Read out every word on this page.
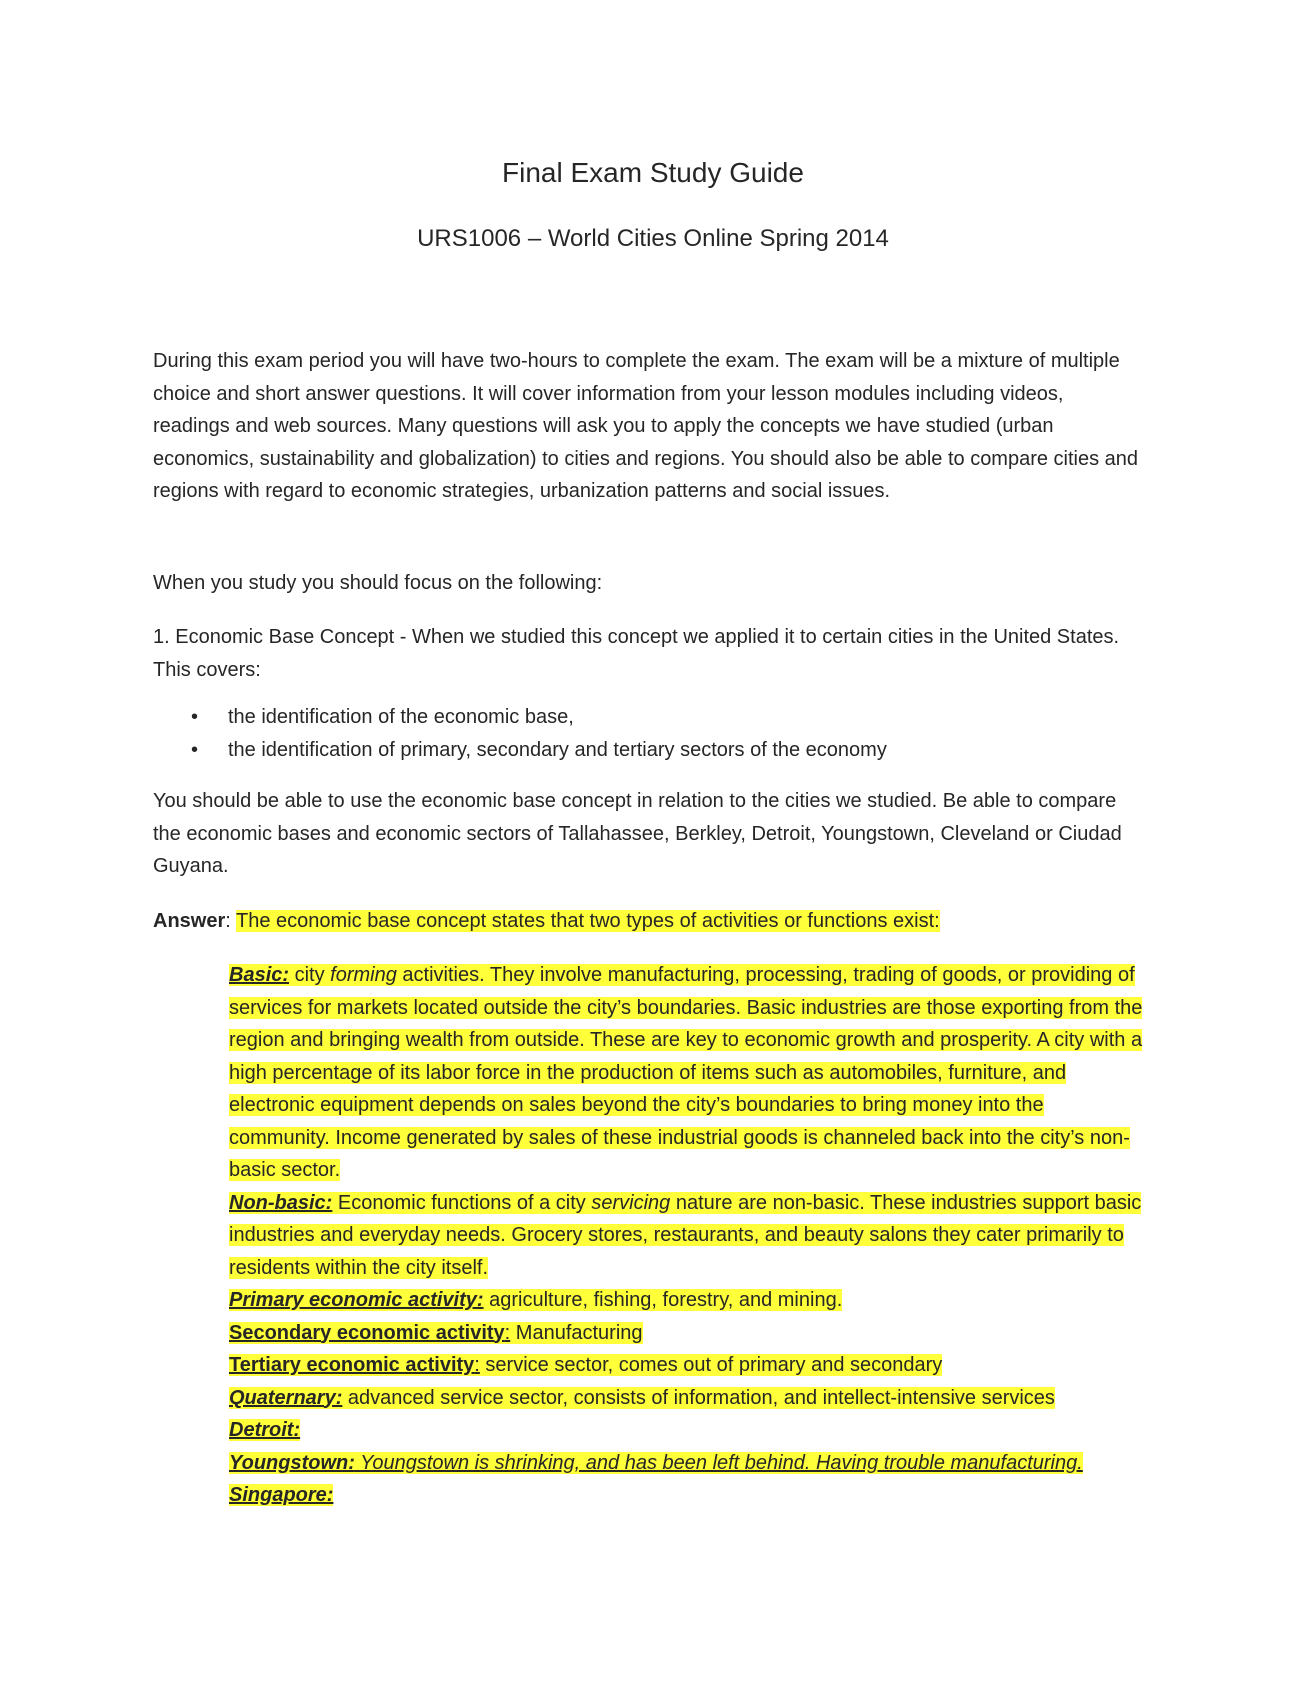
Final Exam Study Guide
URS1006 – World Cities Online Spring 2014
During this exam period you will have two-hours to complete the exam. The exam will be a mixture of multiple choice and short answer questions. It will cover information from your lesson modules including videos, readings and web sources. Many questions will ask you to apply the concepts we have studied (urban economics, sustainability and globalization) to cities and regions. You should also be able to compare cities and regions with regard to economic strategies, urbanization patterns and social issues.
When you study you should focus on the following:
1. Economic Base Concept - When we studied this concept we applied it to certain cities in the United States. This covers:
• the identification of the economic base,
• the identification of primary, secondary and tertiary sectors of the economy
You should be able to use the economic base concept in relation to the cities we studied. Be able to compare the economic bases and economic sectors of Tallahassee, Berkley, Detroit, Youngstown, Cleveland or Ciudad Guyana.
Answer: The economic base concept states that two types of activities or functions exist:

Basic: city forming activities. They involve manufacturing, processing, trading of goods, or providing of services for markets located outside the city’s boundaries. Basic industries are those exporting from the region and bringing wealth from outside. These are key to economic growth and prosperity. A city with a high percentage of its labor force in the production of items such as automobiles, furniture, and electronic equipment depends on sales beyond the city’s boundaries to bring money into the community. Income generated by sales of these industrial goods is channeled back into the city’s non-basic sector.

Non-basic: Economic functions of a city servicing nature are non-basic. These industries support basic industries and everyday needs. Grocery stores, restaurants, and beauty salons they cater primarily to residents within the city itself.

Primary economic activity: agriculture, fishing, forestry, and mining.

Secondary economic activity: Manufacturing

Tertiary economic activity: service sector, comes out of primary and secondary

Quaternary: advanced service sector, consists of information, and intellect-intensive services

Detroit:

Youngstown: Youngstown is shrinking, and has been left behind. Having trouble manufacturing.

Singapore:
